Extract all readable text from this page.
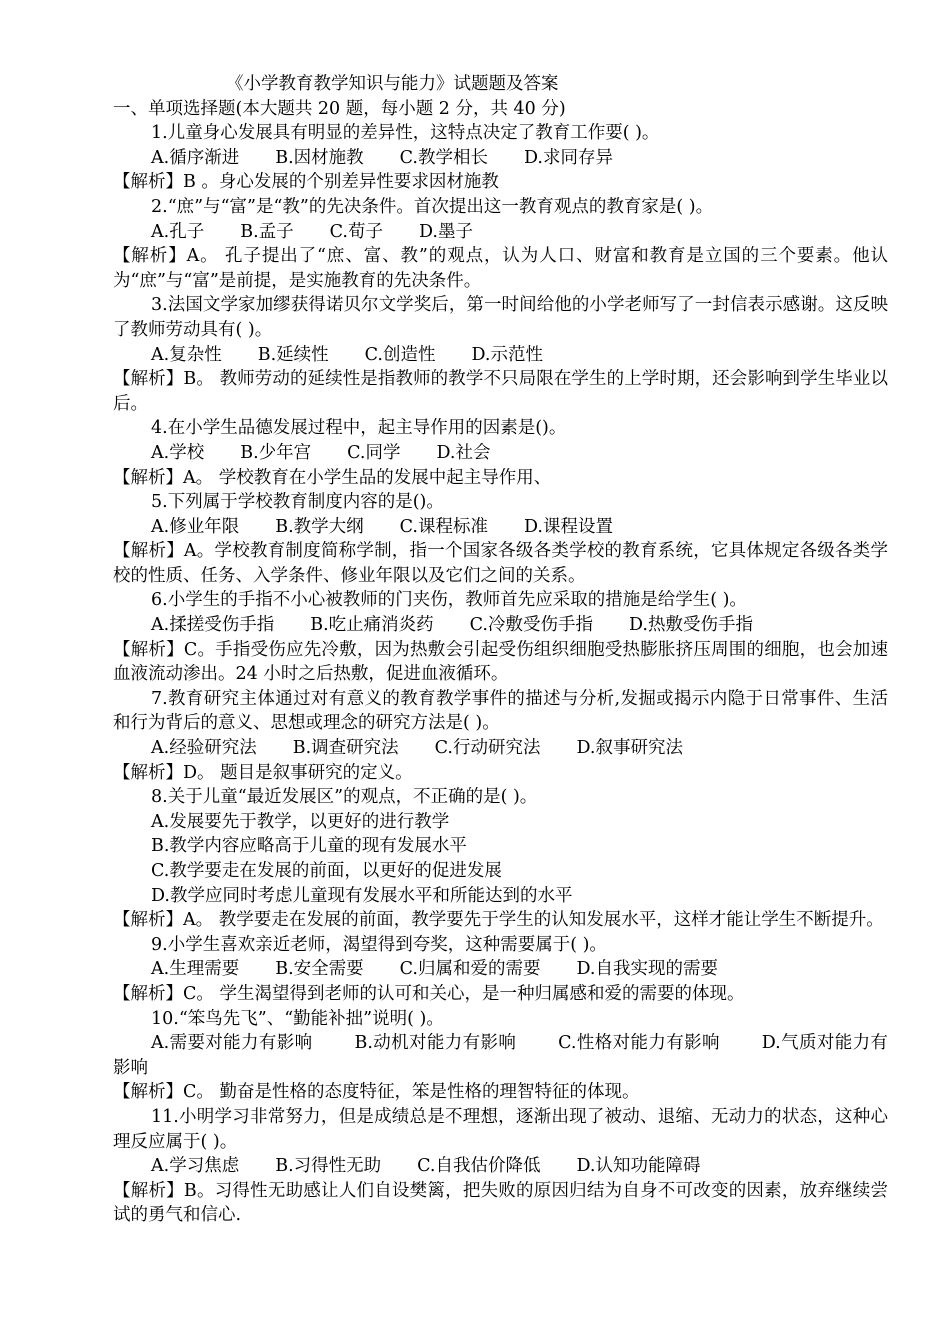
《小学教育教学知识与能力》试题题及答案
一、单项选择题(本大题共 20 题，每小题 2 分，共 40 分)
1.儿童身心发展具有明显的差异性，这特点决定了教育工作要( )。
A.循序渐进 B.因材施教 C.教学相长 D.求同存异
【解析】B 。身心发展的个别差异性要求因材施教
2.“庶”与“富”是“教”的先决条件。首次提出这一教育观点的教育家是( )。
A.孔子 B.孟子 C.荀子 D.墨子
【解析】A。 孔子提出了“庶、富、教”的观点，认为人口、财富和教育是立国的三个要素。他认为“庶”与“富”是前提，是实施教育的先决条件。
3.法国文学家加缪获得诺贝尔文学奖后，第一时间给他的小学老师写了一封信表示感谢。这反映了教师劳动具有( )。
A.复杂性 B.延续性 C.创造性 D.示范性
【解析】B。 教师劳动的延续性是指教师的教学不只局限在学生的上学时期，还会影响到学生毕业以后。
4.在小学生品德发展过程中，起主导作用的因素是()。
A.学校 B.少年宫 C.同学 D.社会
【解析】A。 学校教育在小学生品的发展中起主导作用、
5.下列属于学校教育制度内容的是()。
A.修业年限 B.教学大纲 C.课程标准 D.课程设置
【解析】A。学校教育制度简称学制，指一个国家各级各类学校的教育系统，它具体规定各级各类学校的性质、任务、入学条件、修业年限以及它们之间的关系。
6.小学生的手指不小心被教师的门夹伤，教师首先应采取的措施是给学生( )。
A.揉搓受伤手指 B.吃止痛消炎药 C.冷敷受伤手指 D.热敷受伤手指
【解析】C。手指受伤应先冷敷，因为热敷会引起受伤组织细胞受热膨胀挤压周围的细胞，也会加速血液流动渗出。24 小时之后热敷，促进血液循环。
7.教育研究主体通过对有意义的教育教学事件的描述与分析,发掘或揭示内隐于日常事件、生活和行为背后的意义、思想或理念的研究方法是( )。
A.经验研究法 B.调查研究法 C.行动研究法 D.叙事研究法
【解析】D。 题目是叙事研究的定义。
8.关于儿童“最近发展区”的观点，不正确的是( )。
A.发展要先于教学，以更好的进行教学
B.教学内容应略高于儿童的现有发展水平
C.教学要走在发展的前面，以更好的促进发展
D.教学应同时考虑儿童现有发展水平和所能达到的水平
【解析】A。 教学要走在发展的前面，教学要先于学生的认知发展水平，这样才能让学生不断提升。
9.小学生喜欢亲近老师，渴望得到夸奖，这种需要属于( )。
A.生理需要 B.安全需要 C.归属和爱的需要 D.自我实现的需要
【解析】C。 学生渴望得到老师的认可和关心，是一种归属感和爱的需要的体现。
10.“笨鸟先飞”、“勤能补拙”说明( )。
A.需要对能力有影响 B.动机对能力有影响 C.性格对能力有影响 D.气质对能力有影响
【解析】C。 勤奋是性格的态度特征，笨是性格的理智特征的体现。
11.小明学习非常努力，但是成绩总是不理想，逐渐出现了被动、退缩、无动力的状态，这种心理反应属于( )。
A.学习焦虑 B.习得性无助 C.自我估价降低 D.认知功能障碍
【解析】B。习得性无助感让人们自设樊篱，把失败的原因归结为自身不可改变的因素，放弃继续尝试的勇气和信心.
